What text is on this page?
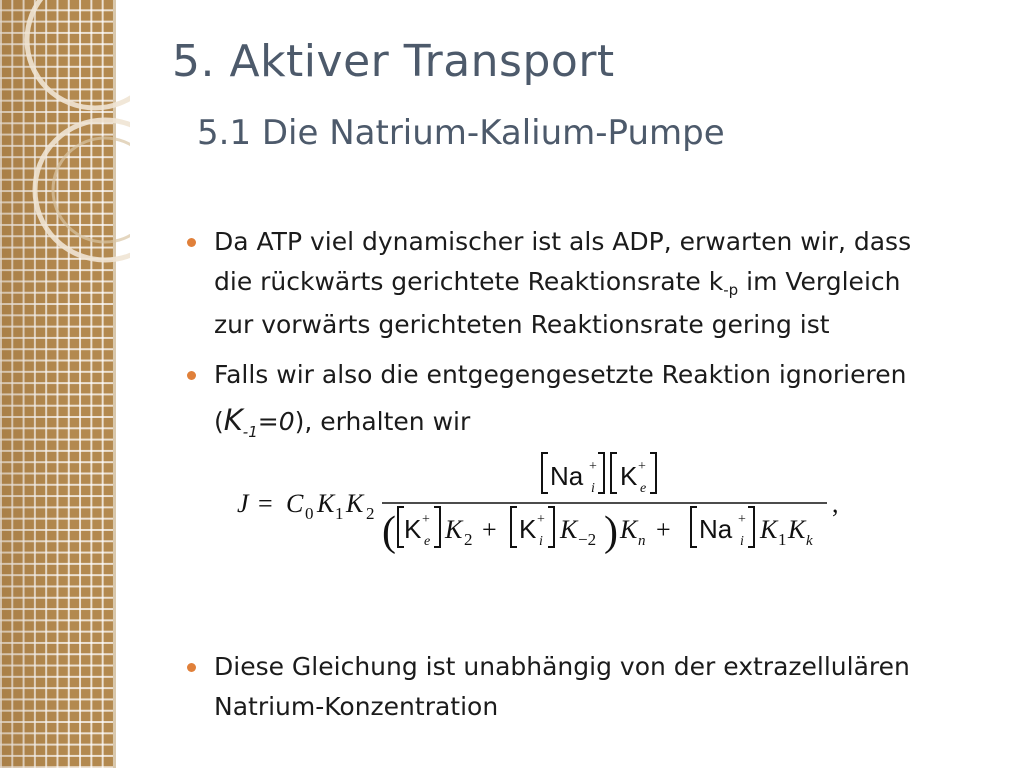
5. Aktiver Transport
5.1 Die Natrium-Kalium-Pumpe
Da ATP viel dynamischer ist als ADP, erwarten wir, dass
die rückwärts gerichtete Reaktionsrate $k_{-p}$ im Vergleich
zur vorwärts gerichteten Reaktionsrate gering ist
Falls wir also die entgegengesetzte Reaktion ignorieren
$(K_{-1}=0)$, erhalten wir
Diese Gleichung ist unabhängig von der extrazellulären
Natrium-Konzentration
J = C 0 K 1 K 2
Na +
i K +
e
( K +
e K 2 + K +
i K −2 ) K n + Na +
i K 1 K k
,
